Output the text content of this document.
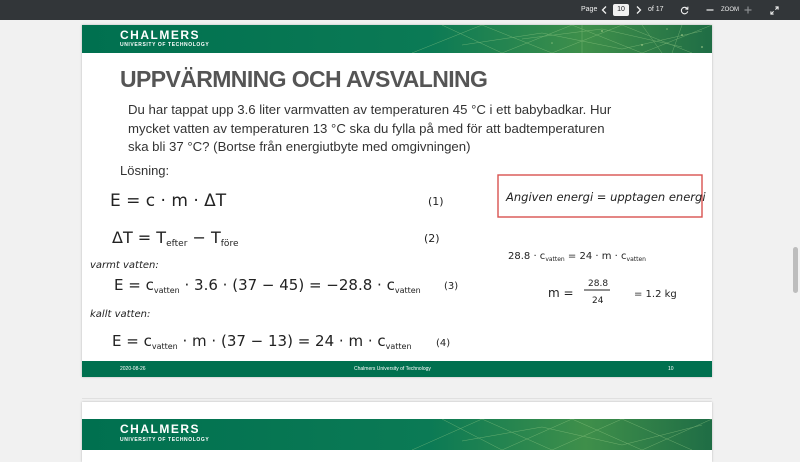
Page	10	of 17	ZOOM
CHALMERS
UNIVERSITY OF TECHNOLOGY
UPPVÄRMNING OCH AVSVALNING
Du har tappat upp 3.6 liter varmvatten av temperaturen 45 °C i ett babybadkar. Hur
mycket vatten av temperaturen 13 °C ska du fylla på med för att badtemperaturen
ska bli 37 °C? (Bortse från energiutbyte med omgivningen)
Lösning:
E = c · m · ΔT	(1)
ΔT = Tefter − Tföre	(2)
varmt vatten:
$E = c_{vatten} \cdot 3.6 \cdot (37 - 45) = -28.8 \cdot c_{vatten}$ (3)
kallt vatten:
$E = c_{vatten} \cdot m \cdot (37 - 13) = 24 \cdot m \cdot c_{vatten}$ (4)
Angiven energi = upptagen energi
$28.8 \cdot c_{vatten} = 24 \cdot m \cdot c_{vatten}$
m =
28.8
24
= 1.2 kg
2020-08-26	Chalmers University of Technology	10
CHALMERS
UNIVERSITY OF TECHNOLOGY
